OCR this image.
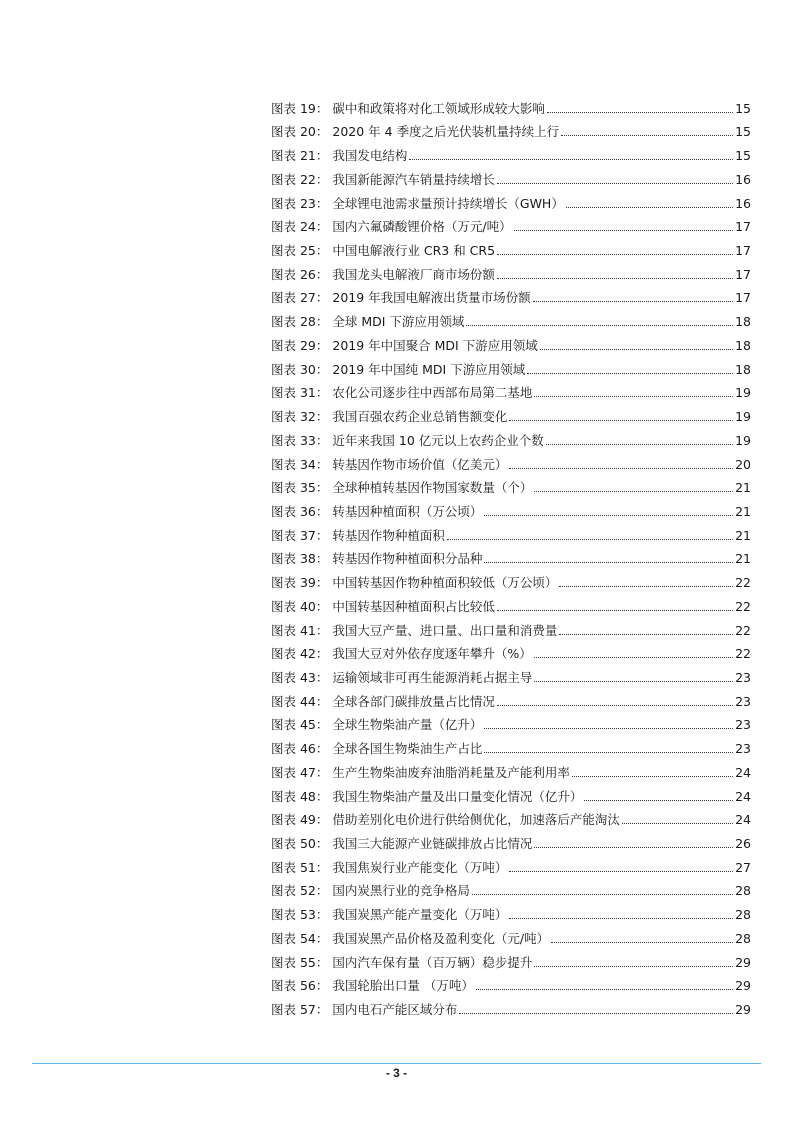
图表 19： 碳中和政策将对化工领域形成较大影响	15
图表 20： 2020 年 4 季度之后光伏装机量持续上行	15
图表 21： 我国发电结构	15
图表 22： 我国新能源汽车销量持续增长	16
图表 23： 全球锂电池需求量预计持续增长（GWH）	16
图表 24： 国内六氟磷酸锂价格（万元/吨）	17
图表 25： 中国电解液行业 CR3 和 CR5	17
图表 26： 我国龙头电解液厂商市场份额	17
图表 27： 2019 年我国电解液出货量市场份额	17
图表 28： 全球 MDI 下游应用领域	18
图表 29： 2019 年中国聚合 MDI 下游应用领域	18
图表 30： 2019 年中国纯 MDI 下游应用领域	18
图表 31： 农化公司逐步往中西部布局第二基地	19
图表 32： 我国百强农药企业总销售额变化	19
图表 33： 近年来我国 10 亿元以上农药企业个数	19
图表 34： 转基因作物市场价值（亿美元）	20
图表 35： 全球种植转基因作物国家数量（个）	21
图表 36： 转基因种植面积（万公顷）	21
图表 37： 转基因作物种植面积	21
图表 38： 转基因作物种植面积分品种	21
图表 39： 中国转基因作物种植面积较低（万公顷）	22
图表 40： 中国转基因种植面积占比较低	22
图表 41： 我国大豆产量、进口量、出口量和消费量	22
图表 42： 我国大豆对外依存度逐年攀升（%）	22
图表 43： 运输领域非可再生能源消耗占据主导	23
图表 44： 全球各部门碳排放量占比情况	23
图表 45： 全球生物柴油产量（亿升）	23
图表 46： 全球各国生物柴油生产占比	23
图表 47： 生产生物柴油废弃油脂消耗量及产能利用率	24
图表 48： 我国生物柴油产量及出口量变化情况（亿升）	24
图表 49： 借助差别化电价进行供给侧优化，加速落后产能淘汰	24
图表 50： 我国三大能源产业链碳排放占比情况	26
图表 51： 我国焦炭行业产能变化（万吨）	27
图表 52： 国内炭黑行业的竞争格局	28
图表 53： 我国炭黑产能产量变化（万吨）	28
图表 54： 我国炭黑产品价格及盈利变化（元/吨）	28
图表 55： 国内汽车保有量（百万辆）稳步提升	29
图表 56： 我国轮胎出口量 （万吨）	29
图表 57： 国内电石产能区域分布	29
- 3 -
